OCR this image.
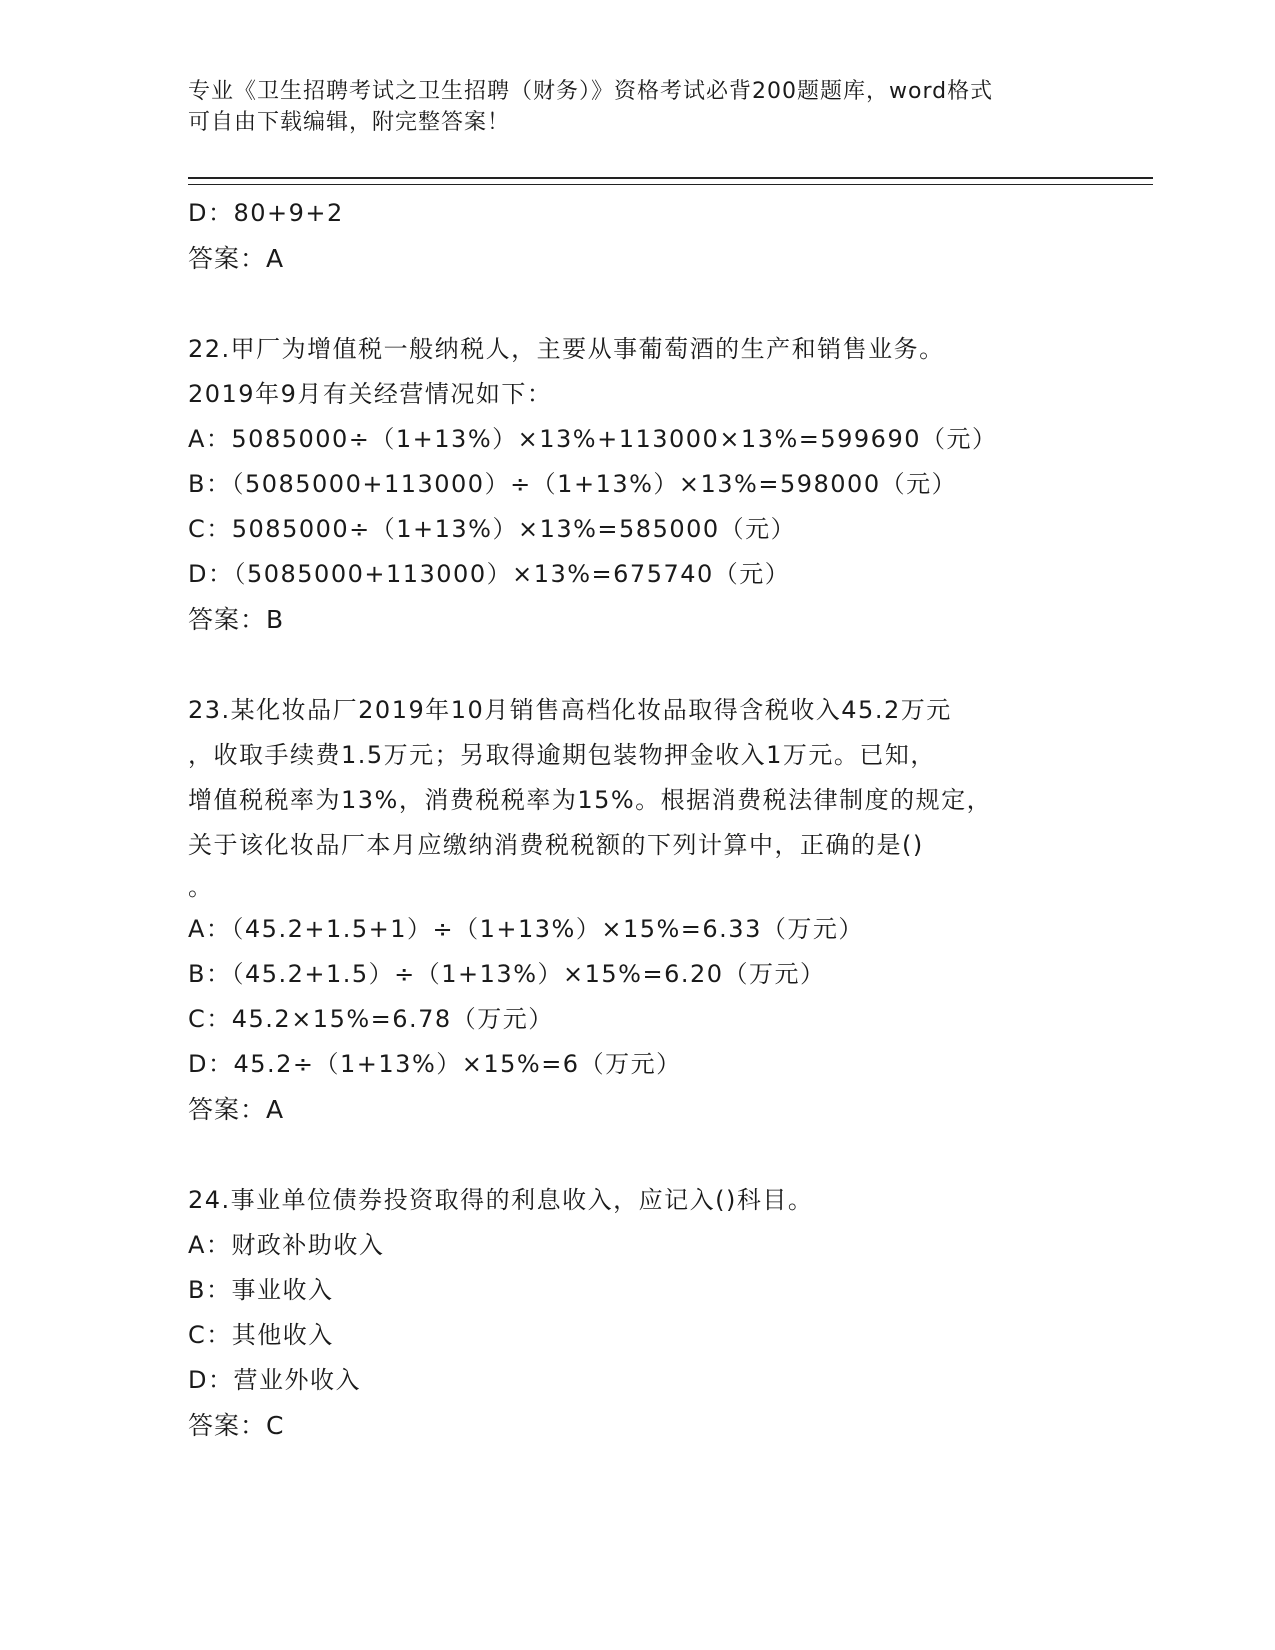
专业《卫生招聘考试之卫生招聘（财务）》资格考试必背200题题库，word格式
可自由下载编辑，附完整答案！
D：80+9+2
答案：A
22.甲厂为增值税一般纳税人，主要从事葡萄酒的生产和销售业务。
2019年9月有关经营情况如下：
A：5085000÷（1+13%）×13%+113000×13%=599690（元）
B：（5085000+113000）÷（1+13%）×13%=598000（元）
C：5085000÷（1+13%）×13%=585000（元）
D：（5085000+113000）×13%=675740（元）
答案：B
23.某化妆品厂2019年10月销售高档化妆品取得含税收入45.2万元
，收取手续费1.5万元；另取得逾期包装物押金收入1万元。已知，
增值税税率为13%，消费税税率为15%。根据消费税法律制度的规定，
关于该化妆品厂本月应缴纳消费税税额的下列计算中，正确的是()
。
A：（45.2+1.5+1）÷（1+13%）×15%=6.33（万元）
B：（45.2+1.5）÷（1+13%）×15%=6.20（万元）
C：45.2×15%=6.78（万元）
D：45.2÷（1+13%）×15%=6（万元）
答案：A
24.事业单位债券投资取得的利息收入，应记入()科目。
A：财政补助收入
B：事业收入
C：其他收入
D：营业外收入
答案：C
